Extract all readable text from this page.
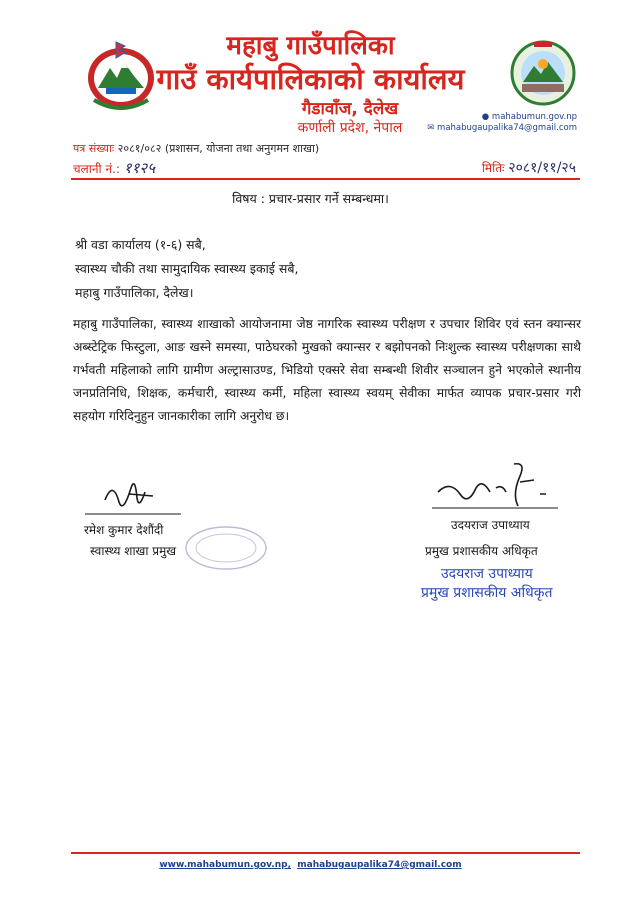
महाबु गाउँपालिका
गाउँ कार्यपालिकाको कार्यालय
गैडावाँज, दैलेख
कर्णाली प्रदेश, नेपाल
● mahabumun.gov.np
✉ mahabugaupalika74@gmail.com
पत्र संख्याः २०८१/०८२ (प्रशासन, योजना तथा अनुगमन शाखा)
चलानी नं.: ११२५	मितिः २०८१/११/२५
विषय : प्रचार-प्रसार गर्ने सम्बन्धमा।
श्री वडा कार्यालय (१-६) सबै,
स्वास्थ्य चौकी तथा सामुदायिक स्वास्थ्य इकाई सबै,
महाबु गाउँपालिका, दैलेख।
महाबु गाउँपालिका, स्वास्थ्य शाखाको आयोजनामा जेष्ठ नागरिक स्वास्थ्य परीक्षण र उपचार शिविर एवं स्तन क्यान्सर अब्स्टेट्रिक फिस्टुला, आङ खस्ने समस्या, पाठेघरको मुखको क्यान्सर र बझोपनको निःशुल्क स्वास्थ्य परीक्षणका साथै गर्भवती महिलाको लागि ग्रामीण अल्ट्रासाउण्ड, भिडियो एक्सरे सेवा सम्बन्धी शिवीर सञ्चालन हुने भएकोले स्थानीय जनप्रतिनिधि, शिक्षक, कर्मचारी, स्वास्थ्य कर्मी, महिला स्वास्थ्य स्वयम् सेवीका मार्फत व्यापक प्रचार-प्रसार गरी सहयोग गरिदिनुहुन जानकारीका लागि अनुरोध छ।
रमेश कुमार देशौंदी
स्वास्थ्य शाखा प्रमुख
उदयराज उपाध्याय
प्रमुख प्रशासकीय अधिकृत
उदयराज उपाध्याय
प्रमुख प्रशासकीय अधिकृत
www.mahabumun.gov.np, mahabugaupalika74@gmail.com
